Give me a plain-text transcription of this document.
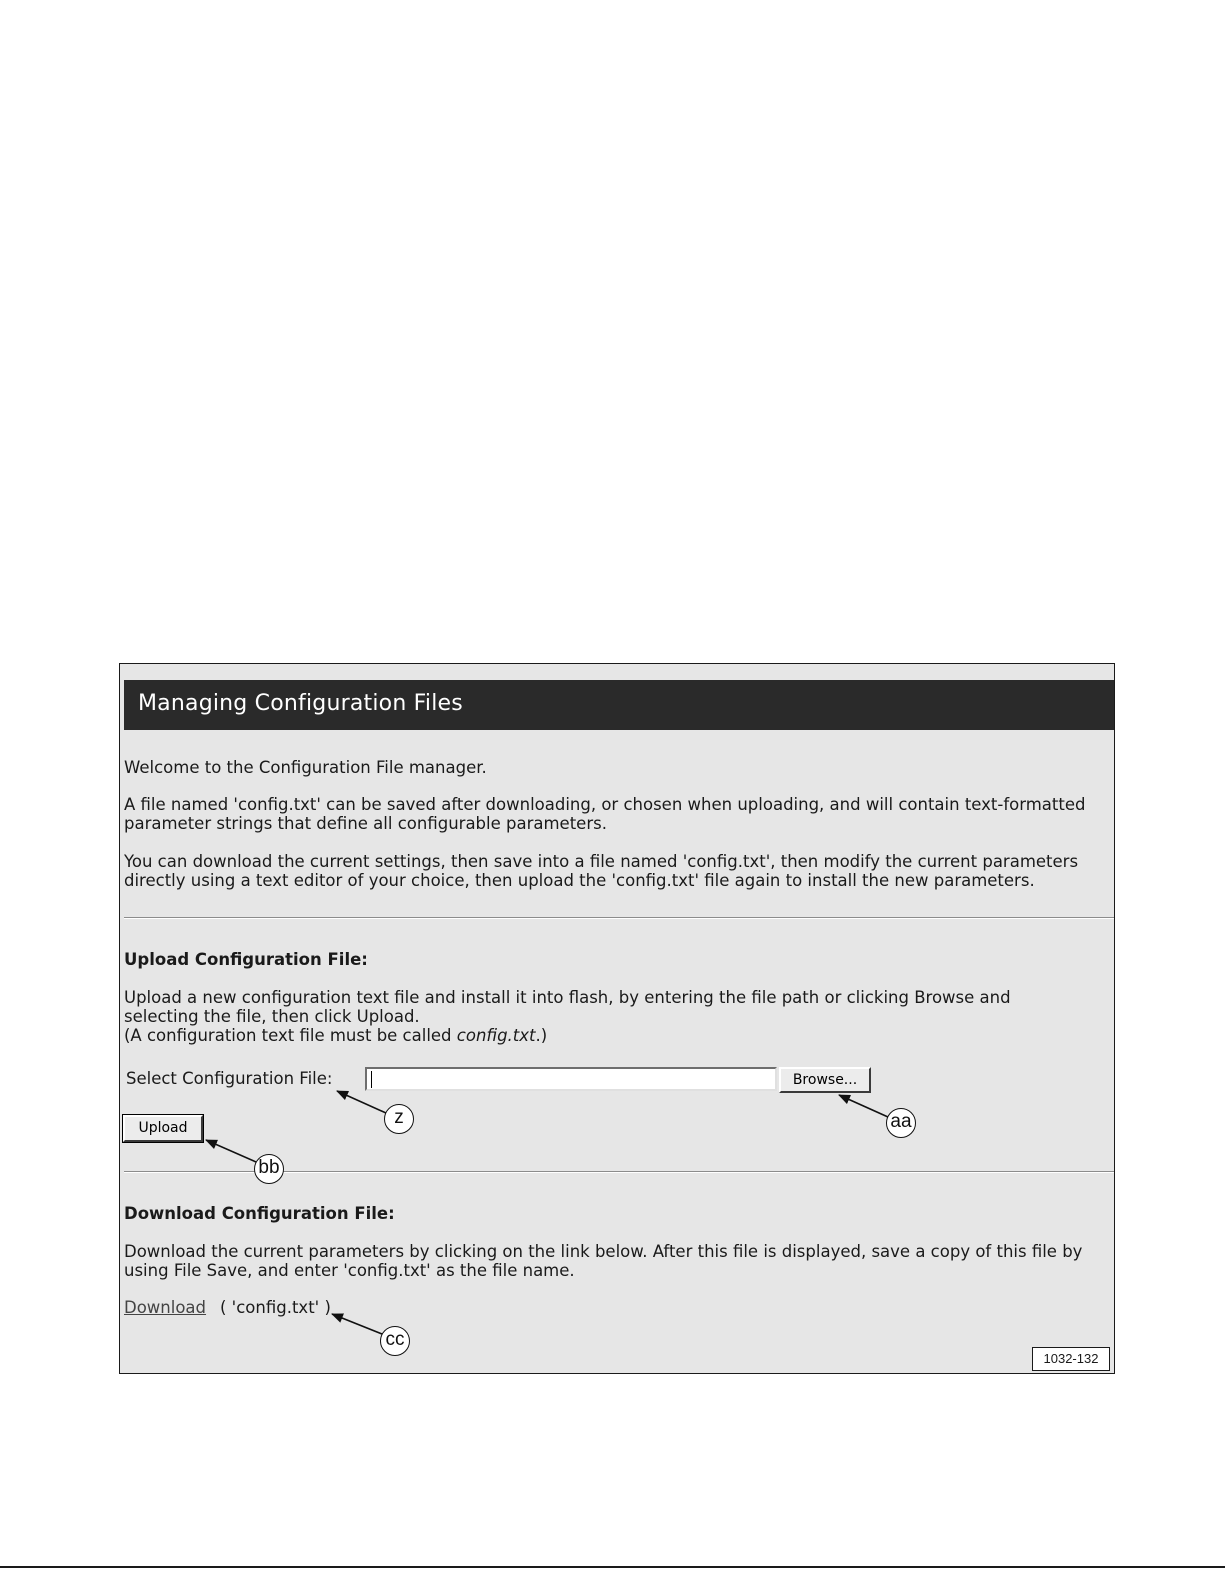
Managing Configuration Files
Welcome to the Configuration File manager.
A file named 'config.txt' can be saved after downloading, or chosen when uploading, and will contain text-formatted
parameter strings that define all configurable parameters.
You can download the current settings, then save into a file named 'config.txt', then modify the current parameters
directly using a text editor of your choice, then upload the 'config.txt' file again to install the new parameters.
Upload Configuration File:
Upload a new configuration text file and install it into flash, by entering the file path or clicking Browse and
selecting the file, then click Upload.
(A configuration text file must be called config.txt.)
Select Configuration File:	Browse...
Upload
Download Configuration File:
Download the current parameters by clicking on the link below. After this file is displayed, save a copy of this file by
using File Save, and enter 'config.txt' as the file name.
Download ( 'config.txt' )
1032-132
z	aa
bb
cc
